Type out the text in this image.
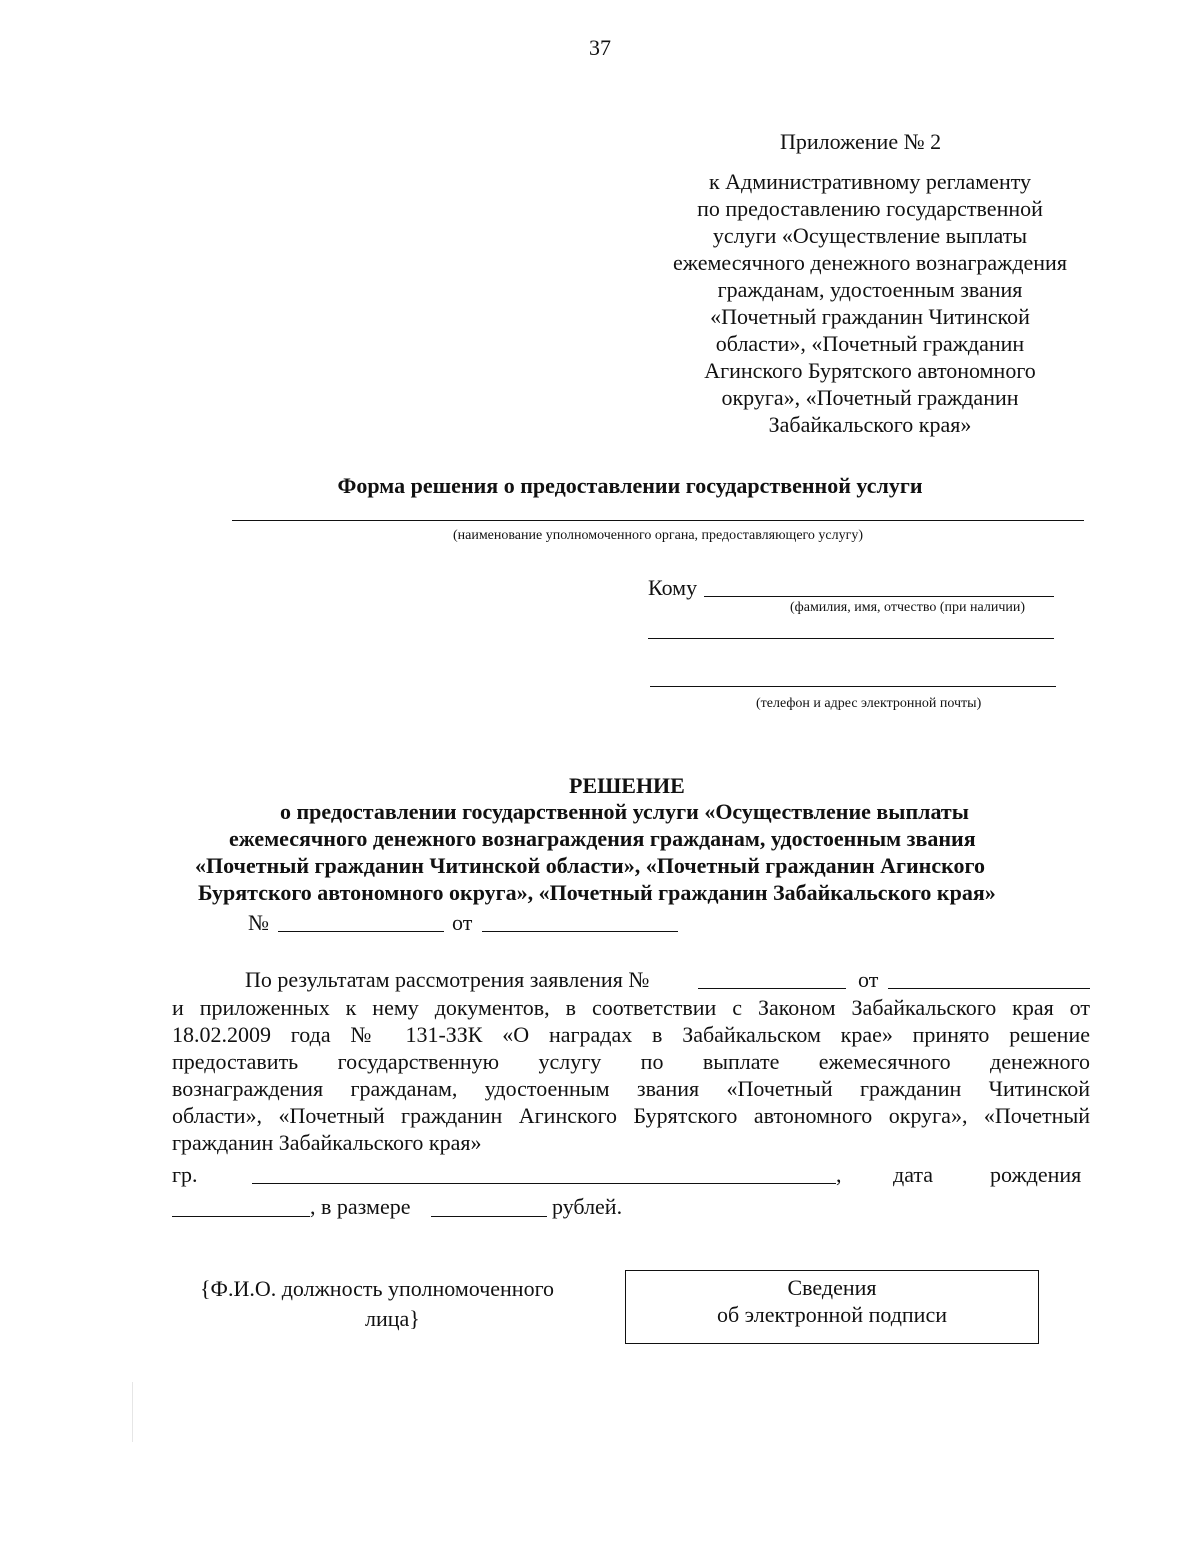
37
Приложение № 2
к Административному регламенту
по предоставлению государственной
услуги «Осуществление выплаты
ежемесячного денежного вознаграждения
гражданам, удостоенным звания
«Почетный гражданин Читинской
области», «Почетный гражданин
Агинского Бурятского автономного
округа», «Почетный гражданин
Забайкальского края»
Форма решения о предоставлении государственной услуги
(наименование уполномоченного органа, предоставляющего услугу)
Кому
(фамилия, имя, отчество (при наличии)
(телефон и адрес электронной почты)
РЕШЕНИЕ
о предоставлении государственной услуги «Осуществление выплаты
ежемесячного денежного вознаграждения гражданам, удостоенным звания
«Почетный гражданин Читинской области», «Почетный гражданин Агинского
Бурятского автономного округа», «Почетный гражданин Забайкальского края»
№	от
По результатам рассмотрения заявления №	от
и приложенных к нему документов, в соответствии с Законом Забайкальского края от
18.02.2009 года № 131-ЗЗК «О наградах в Забайкальском крае» принято решение
предоставить государственную услугу по выплате ежемесячного денежного
вознаграждения гражданам, удостоенным звания «Почетный гражданин Читинской
области», «Почетный гражданин Агинского Бурятского автономного округа», «Почетный
гражданин Забайкальского края»
гр.	, дата	рождения
, в размере	рублей.
{Ф.И.О. должность уполномоченного
лица}
Сведения
об электронной подписи
